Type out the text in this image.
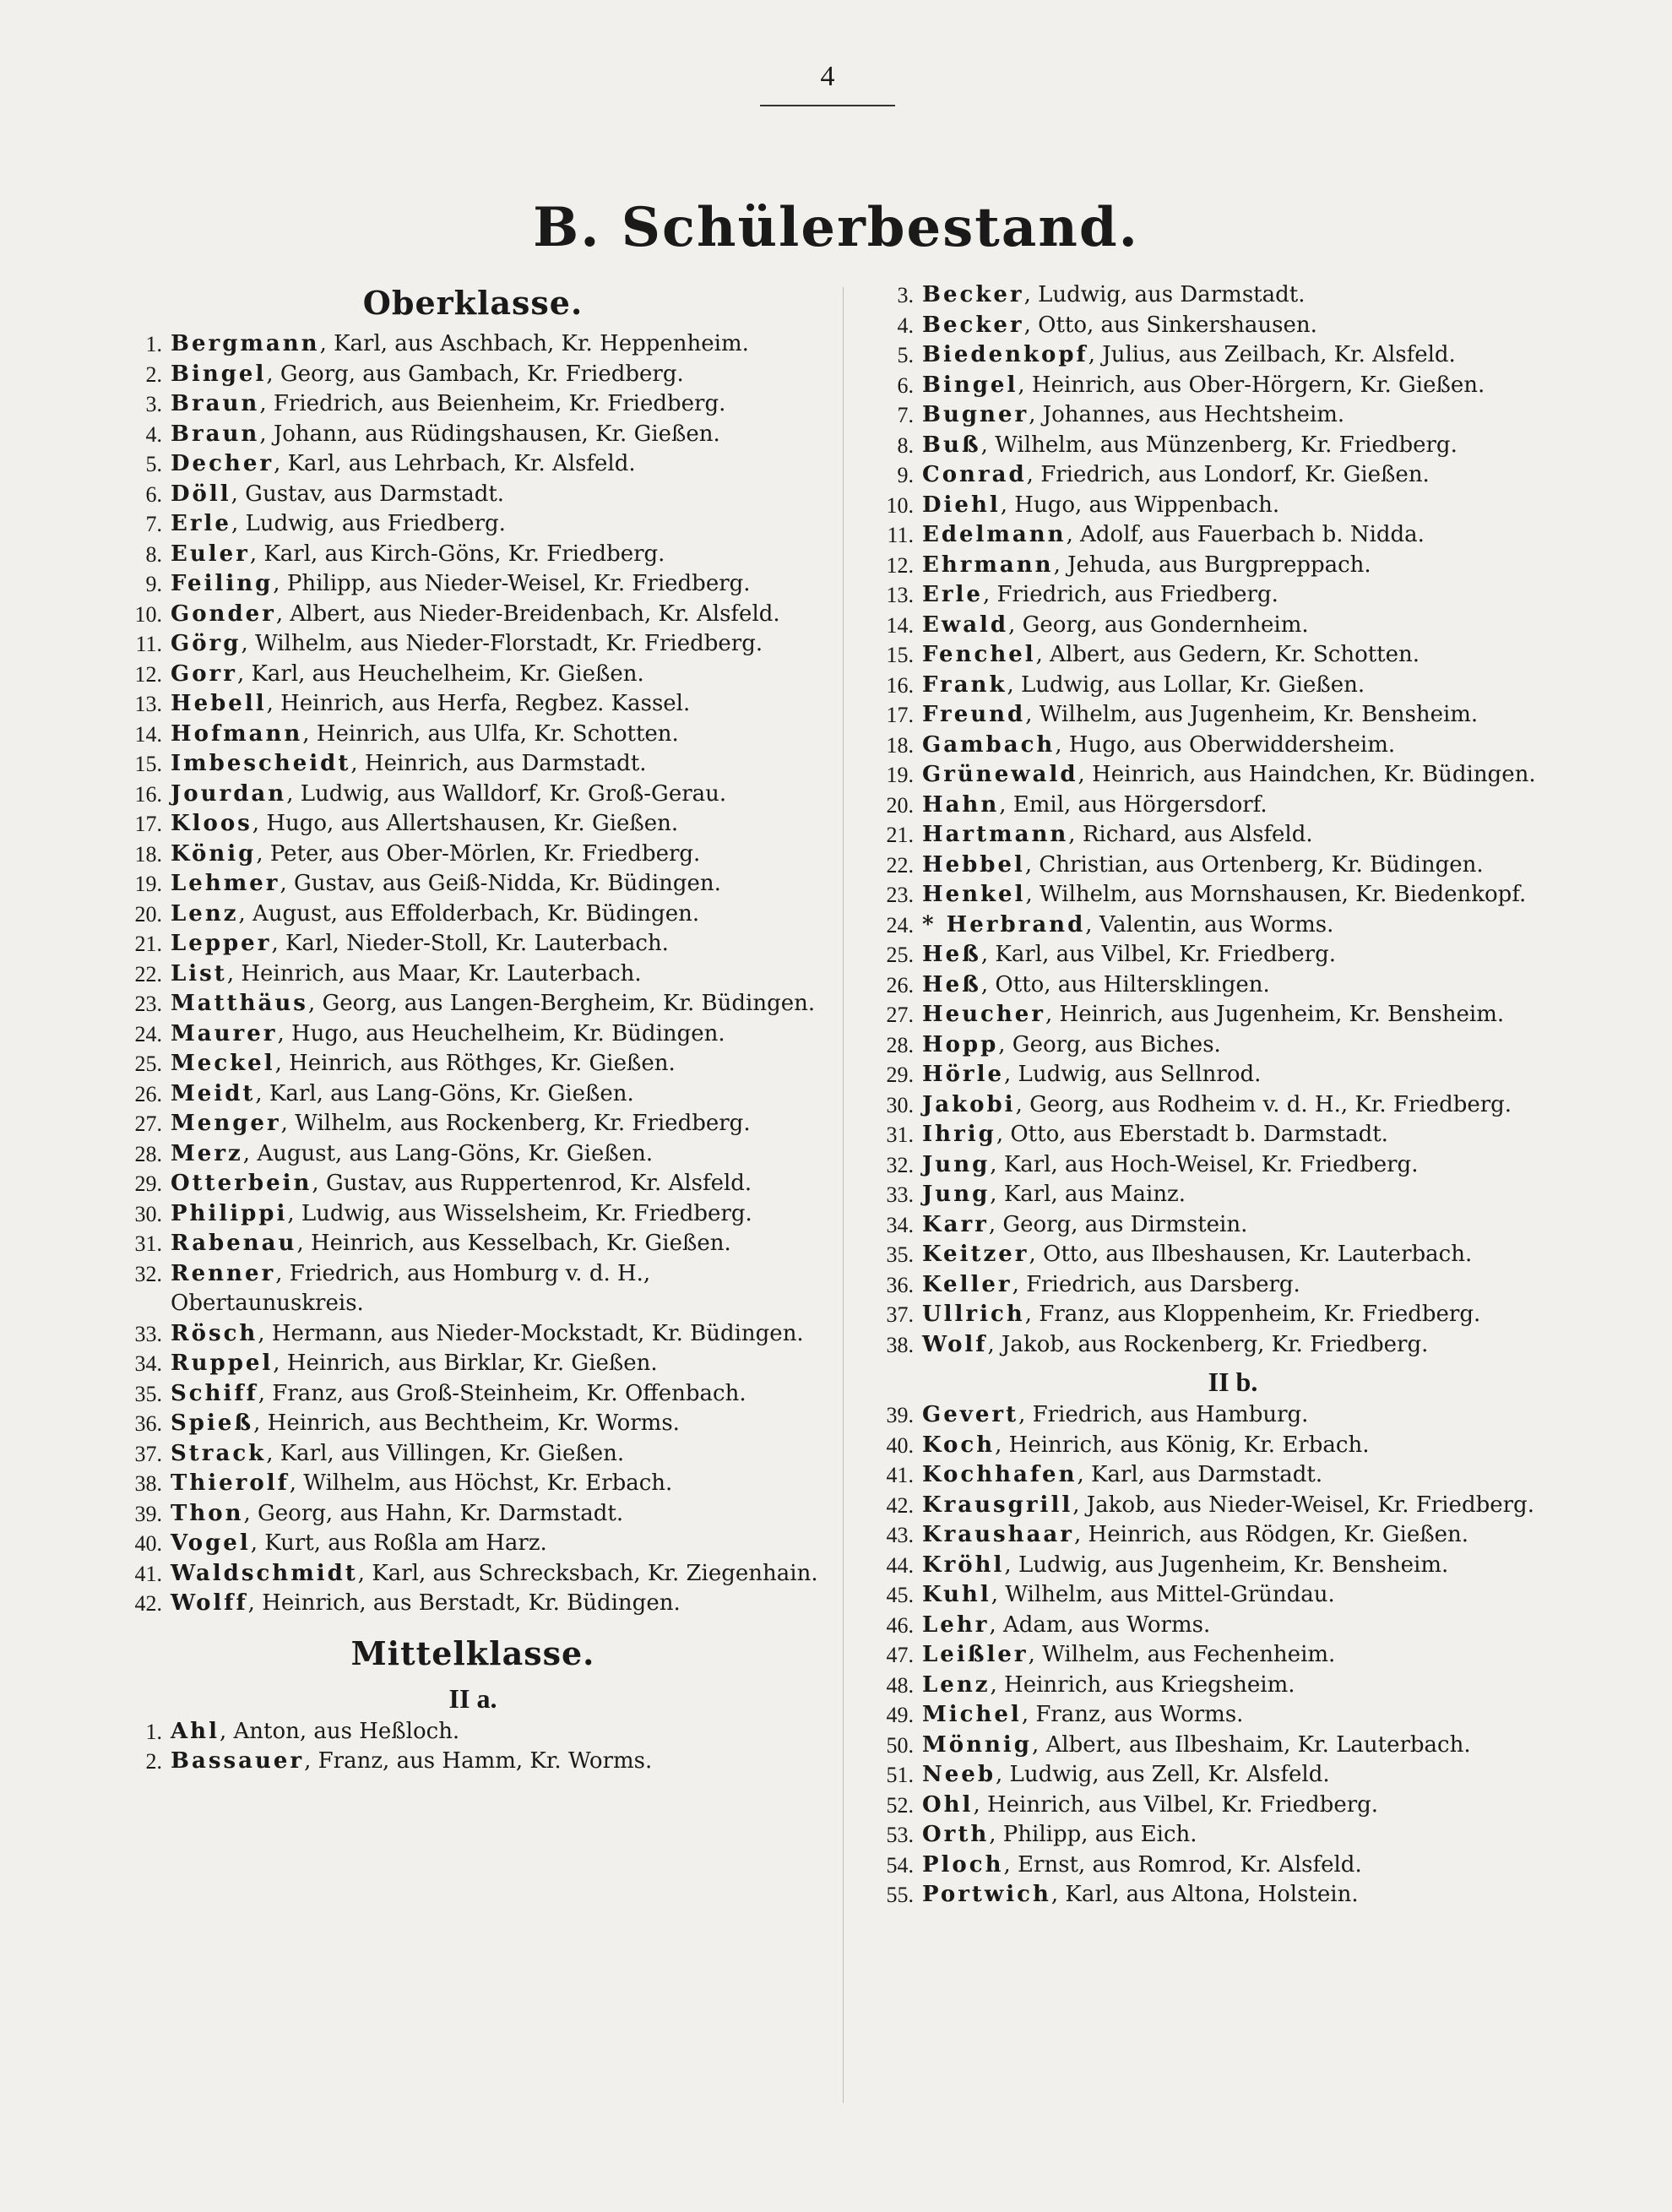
4
B. Schülerbestand.
Oberklasse.
1. Bergmann, Karl, aus Aschbach, Kr. Heppenheim.
2. Bingel, Georg, aus Gambach, Kr. Friedberg.
3. Braun, Friedrich, aus Beienheim, Kr. Friedberg.
4. Braun, Johann, aus Rüdingshausen, Kr. Gießen.
5. Decher, Karl, aus Lehrbach, Kr. Alsfeld.
6. Döll, Gustav, aus Darmstadt.
7. Erle, Ludwig, aus Friedberg.
8. Euler, Karl, aus Kirch-Göns, Kr. Friedberg.
9. Feiling, Philipp, aus Nieder-Weisel, Kr. Friedberg.
10. Gonder, Albert, aus Nieder-Breidenbach, Kr. Alsfeld.
11. Görg, Wilhelm, aus Nieder-Florstadt, Kr. Friedberg.
12. Gorr, Karl, aus Heuchelheim, Kr. Gießen.
13. Hebell, Heinrich, aus Herfa, Regbez. Kassel.
14. Hofmann, Heinrich, aus Ulfa, Kr. Schotten.
15. Imbescheidt, Heinrich, aus Darmstadt.
16. Jourdan, Ludwig, aus Walldorf, Kr. Groß-Gerau.
17. Kloos, Hugo, aus Allertshausen, Kr. Gießen.
18. König, Peter, aus Ober-Mörlen, Kr. Friedberg.
19. Lehmer, Gustav, aus Geiß-Nidda, Kr. Büdingen.
20. Lenz, August, aus Effolderbach, Kr. Büdingen.
21. Lepper, Karl, Nieder-Stoll, Kr. Lauterbach.
22. List, Heinrich, aus Maar, Kr. Lauterbach.
23. Matthäus, Georg, aus Langen-Bergheim, Kr. Büdingen.
24. Maurer, Hugo, aus Heuchelheim, Kr. Büdingen.
25. Meckel, Heinrich, aus Röthges, Kr. Gießen.
26. Meidt, Karl, aus Lang-Göns, Kr. Gießen.
27. Menger, Wilhelm, aus Rockenberg, Kr. Friedberg.
28. Merz, August, aus Lang-Göns, Kr. Gießen.
29. Otterbein, Gustav, aus Ruppertenrod, Kr. Alsfeld.
30. Philippi, Ludwig, aus Wisselsheim, Kr. Friedberg.
31. Rabenau, Heinrich, aus Kesselbach, Kr. Gießen.
32. Renner, Friedrich, aus Homburg v. d. H., Obertaunuskreis.
33. Rösch, Hermann, aus Nieder-Mockstadt, Kr. Büdingen.
34. Ruppel, Heinrich, aus Birklar, Kr. Gießen.
35. Schiff, Franz, aus Groß-Steinheim, Kr. Offenbach.
36. Spieß, Heinrich, aus Bechtheim, Kr. Worms.
37. Strack, Karl, aus Villingen, Kr. Gießen.
38. Thierolf, Wilhelm, aus Höchst, Kr. Erbach.
39. Thon, Georg, aus Hahn, Kr. Darmstadt.
40. Vogel, Kurt, aus Roßla am Harz.
41. Waldschmidt, Karl, aus Schrecksbach, Kr. Ziegenhain.
42. Wolff, Heinrich, aus Berstadt, Kr. Büdingen.
Mittelklasse.
II a.
1. Ahl, Anton, aus Heßloch.
2. Bassauer, Franz, aus Hamm, Kr. Worms.
3. Becker, Ludwig, aus Darmstadt.
4. Becker, Otto, aus Sinkershausen.
5. Biedenkopf, Julius, aus Zeilbach, Kr. Alsfeld.
6. Bingel, Heinrich, aus Ober-Hörgern, Kr. Gießen.
7. Bugner, Johannes, aus Hechtsheim.
8. Buß, Wilhelm, aus Münzenberg, Kr. Friedberg.
9. Conrad, Friedrich, aus Londorf, Kr. Gießen.
10. Diehl, Hugo, aus Wippenbach.
11. Edelmann, Adolf, aus Fauerbach b. Nidda.
12. Ehrmann, Jehuda, aus Burgpreppach.
13. Erle, Friedrich, aus Friedberg.
14. Ewald, Georg, aus Gondernheim.
15. Fenchel, Albert, aus Gedern, Kr. Schotten.
16. Frank, Ludwig, aus Lollar, Kr. Gießen.
17. Freund, Wilhelm, aus Jugenheim, Kr. Bensheim.
18. Gambach, Hugo, aus Oberwiddersheim.
19. Grünewald, Heinrich, aus Haindchen, Kr. Büdingen.
20. Hahn, Emil, aus Hörgersdorf.
21. Hartmann, Richard, aus Alsfeld.
22. Hebbel, Christian, aus Ortenberg, Kr. Büdingen.
23. Henkel, Wilhelm, aus Mornshausen, Kr. Biedenkopf.
24. * Herbrand, Valentin, aus Worms.
25. Heß, Karl, aus Vilbel, Kr. Friedberg.
26. Heß, Otto, aus Hiltersklingen.
27. Heucher, Heinrich, aus Jugenheim, Kr. Bensheim.
28. Hopp, Georg, aus Biches.
29. Hörle, Ludwig, aus Sellnrod.
30. Jakobi, Georg, aus Rodheim v. d. H., Kr. Friedberg.
31. Ihrig, Otto, aus Eberstadt b. Darmstadt.
32. Jung, Karl, aus Hoch-Weisel, Kr. Friedberg.
33. Jung, Karl, aus Mainz.
34. Karr, Georg, aus Dirmstein.
35. Keitzer, Otto, aus Ilbeshausen, Kr. Lauterbach.
36. Keller, Friedrich, aus Darsberg.
37. Ullrich, Franz, aus Kloppenheim, Kr. Friedberg.
38. Wolf, Jakob, aus Rockenberg, Kr. Friedberg.
II b.
39. Gevert, Friedrich, aus Hamburg.
40. Koch, Heinrich, aus König, Kr. Erbach.
41. Kochhafen, Karl, aus Darmstadt.
42. Krausgrill, Jakob, aus Nieder-Weisel, Kr. Friedberg.
43. Kraushaar, Heinrich, aus Rödgen, Kr. Gießen.
44. Kröhl, Ludwig, aus Jugenheim, Kr. Bensheim.
45. Kuhl, Wilhelm, aus Mittel-Gründau.
46. Lehr, Adam, aus Worms.
47. Leißler, Wilhelm, aus Fechenheim.
48. Lenz, Heinrich, aus Kriegsheim.
49. Michel, Franz, aus Worms.
50. Mönnig, Albert, aus Ilbeshaim, Kr. Lauterbach.
51. Neeb, Ludwig, aus Zell, Kr. Alsfeld.
52. Ohl, Heinrich, aus Vilbel, Kr. Friedberg.
53. Orth, Philipp, aus Eich.
54. Ploch, Ernst, aus Romrod, Kr. Alsfeld.
55. Portwich, Karl, aus Altona, Holstein.
